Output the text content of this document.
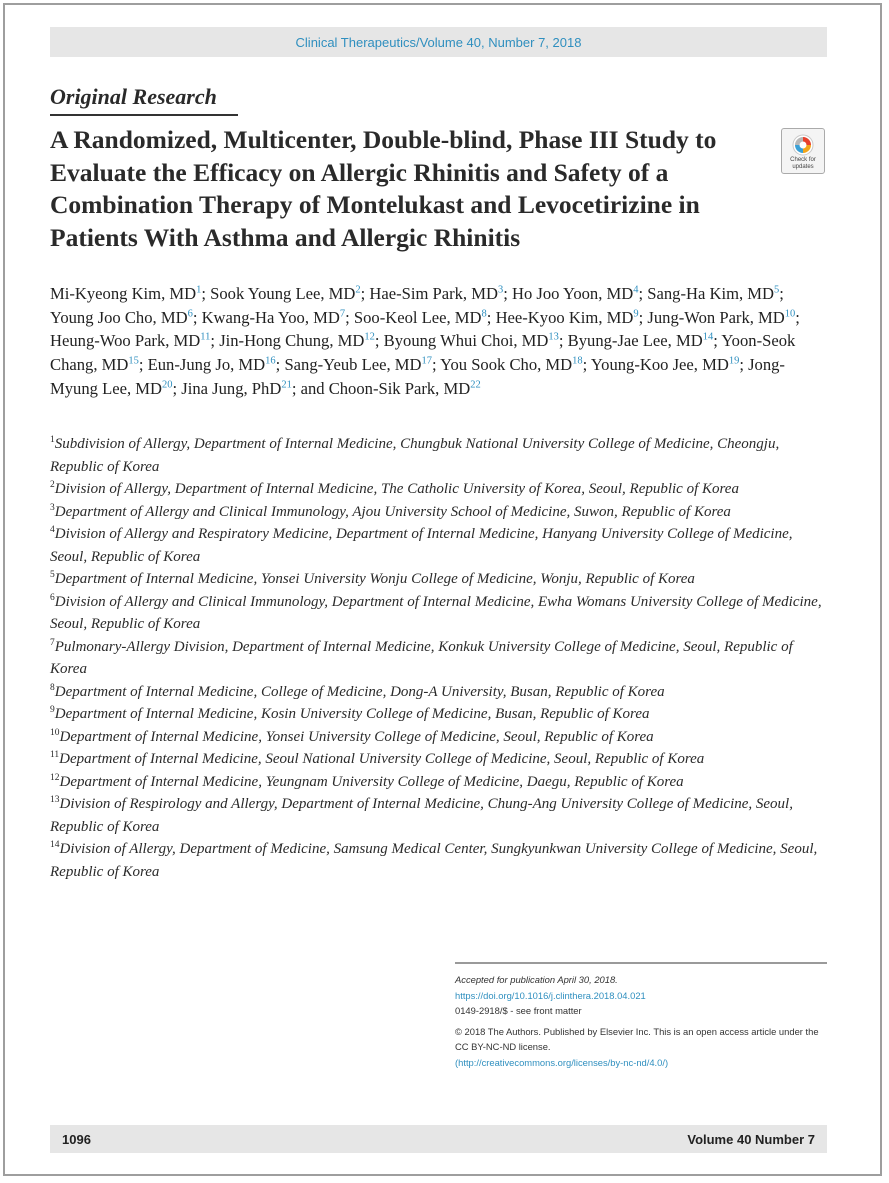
Clinical Therapeutics/Volume 40, Number 7, 2018
Original Research
A Randomized, Multicenter, Double-blind, Phase III Study to Evaluate the Efficacy on Allergic Rhinitis and Safety of a Combination Therapy of Montelukast and Levocetirizine in Patients With Asthma and Allergic Rhinitis
Check for updates

Mi-Kyeong Kim, $MD^1$; Sook Young Lee, $MD^2$; Hae-Sim Park, $MD^3$; Ho Joo Yoon, $MD^4$; Sang-Ha Kim, $MD^5$; Young Joo Cho, $MD^6$; Kwang-Ha Yoo, $MD^7$; Soo-Keol Lee, $MD^8$; Hee-Kyoo Kim, $MD^9$; Jung-Won Park, MD$^{10}$; Heung-Woo Park, MD$^{11}$; Jin-Hong Chung, MD$^{12}$; Byoung Whui Choi, MD$^{13}$; Byung-Jae Lee, MD$^{14}$; Yoon-Seok Chang, MD$^{15}$; Eun-Jung Jo, MD$^{16}$; Sang-Yeub Lee, MD$^{17}$; You Sook Cho, MD$^{18}$; Young-Koo Jee, MD$^{19}$; Jong-Myung Lee, MD$^{20}$; Jina Jung, PhD$^{21}$; and Choon-Sik Park, MD$^{22}$

$^1$Subdivision of Allergy, Department of Internal Medicine, Chungbuk National University College of Medicine, Cheongju, Republic of Korea
$^2$Division of Allergy, Department of Internal Medicine, The Catholic University of Korea, Seoul, Republic of Korea
$^3$Department of Allergy and Clinical Immunology, Ajou University School of Medicine, Suwon, Republic of Korea
$^4$Division of Allergy and Respiratory Medicine, Department of Internal Medicine, Hanyang University College of Medicine, Seoul, Republic of Korea
$^5$Department of Internal Medicine, Yonsei University Wonju College of Medicine, Wonju, Republic of Korea
$^6$Division of Allergy and Clinical Immunology, Department of Internal Medicine, Ewha Womans University College of Medicine, Seoul, Republic of Korea
$^7$Pulmonary-Allergy Division, Department of Internal Medicine, Konkuk University College of Medicine, Seoul, Republic of Korea
$^8$Department of Internal Medicine, College of Medicine, Dong-A University, Busan, Republic of Korea
$^9$Department of Internal Medicine, Kosin University College of Medicine, Busan, Republic of Korea
$^{10}$Department of Internal Medicine, Yonsei University College of Medicine, Seoul, Republic of Korea
$^{11}$Department of Internal Medicine, Seoul National University College of Medicine, Seoul, Republic of Korea
$^{12}$Department of Internal Medicine, Yeungnam University College of Medicine, Daegu, Republic of Korea
$^{13}$Division of Respirology and Allergy, Department of Internal Medicine, Chung-Ang University College of Medicine, Seoul, Republic of Korea
$^{14}$Division of Allergy, Department of Medicine, Samsung Medical Center, Sungkyunkwan University College of Medicine, Seoul, Republic of Korea
Accepted for publication April 30, 2018.
https://doi.org/10.1016/j.clinthera.2018.04.021
0149-2918/$ - see front matter
© 2018 The Authors. Published by Elsevier Inc. This is an open access article under the CC BY-NC-ND license.
(http://creativecommons.org/licenses/by-nc-nd/4.0/)
1096	Volume 40 Number 7
